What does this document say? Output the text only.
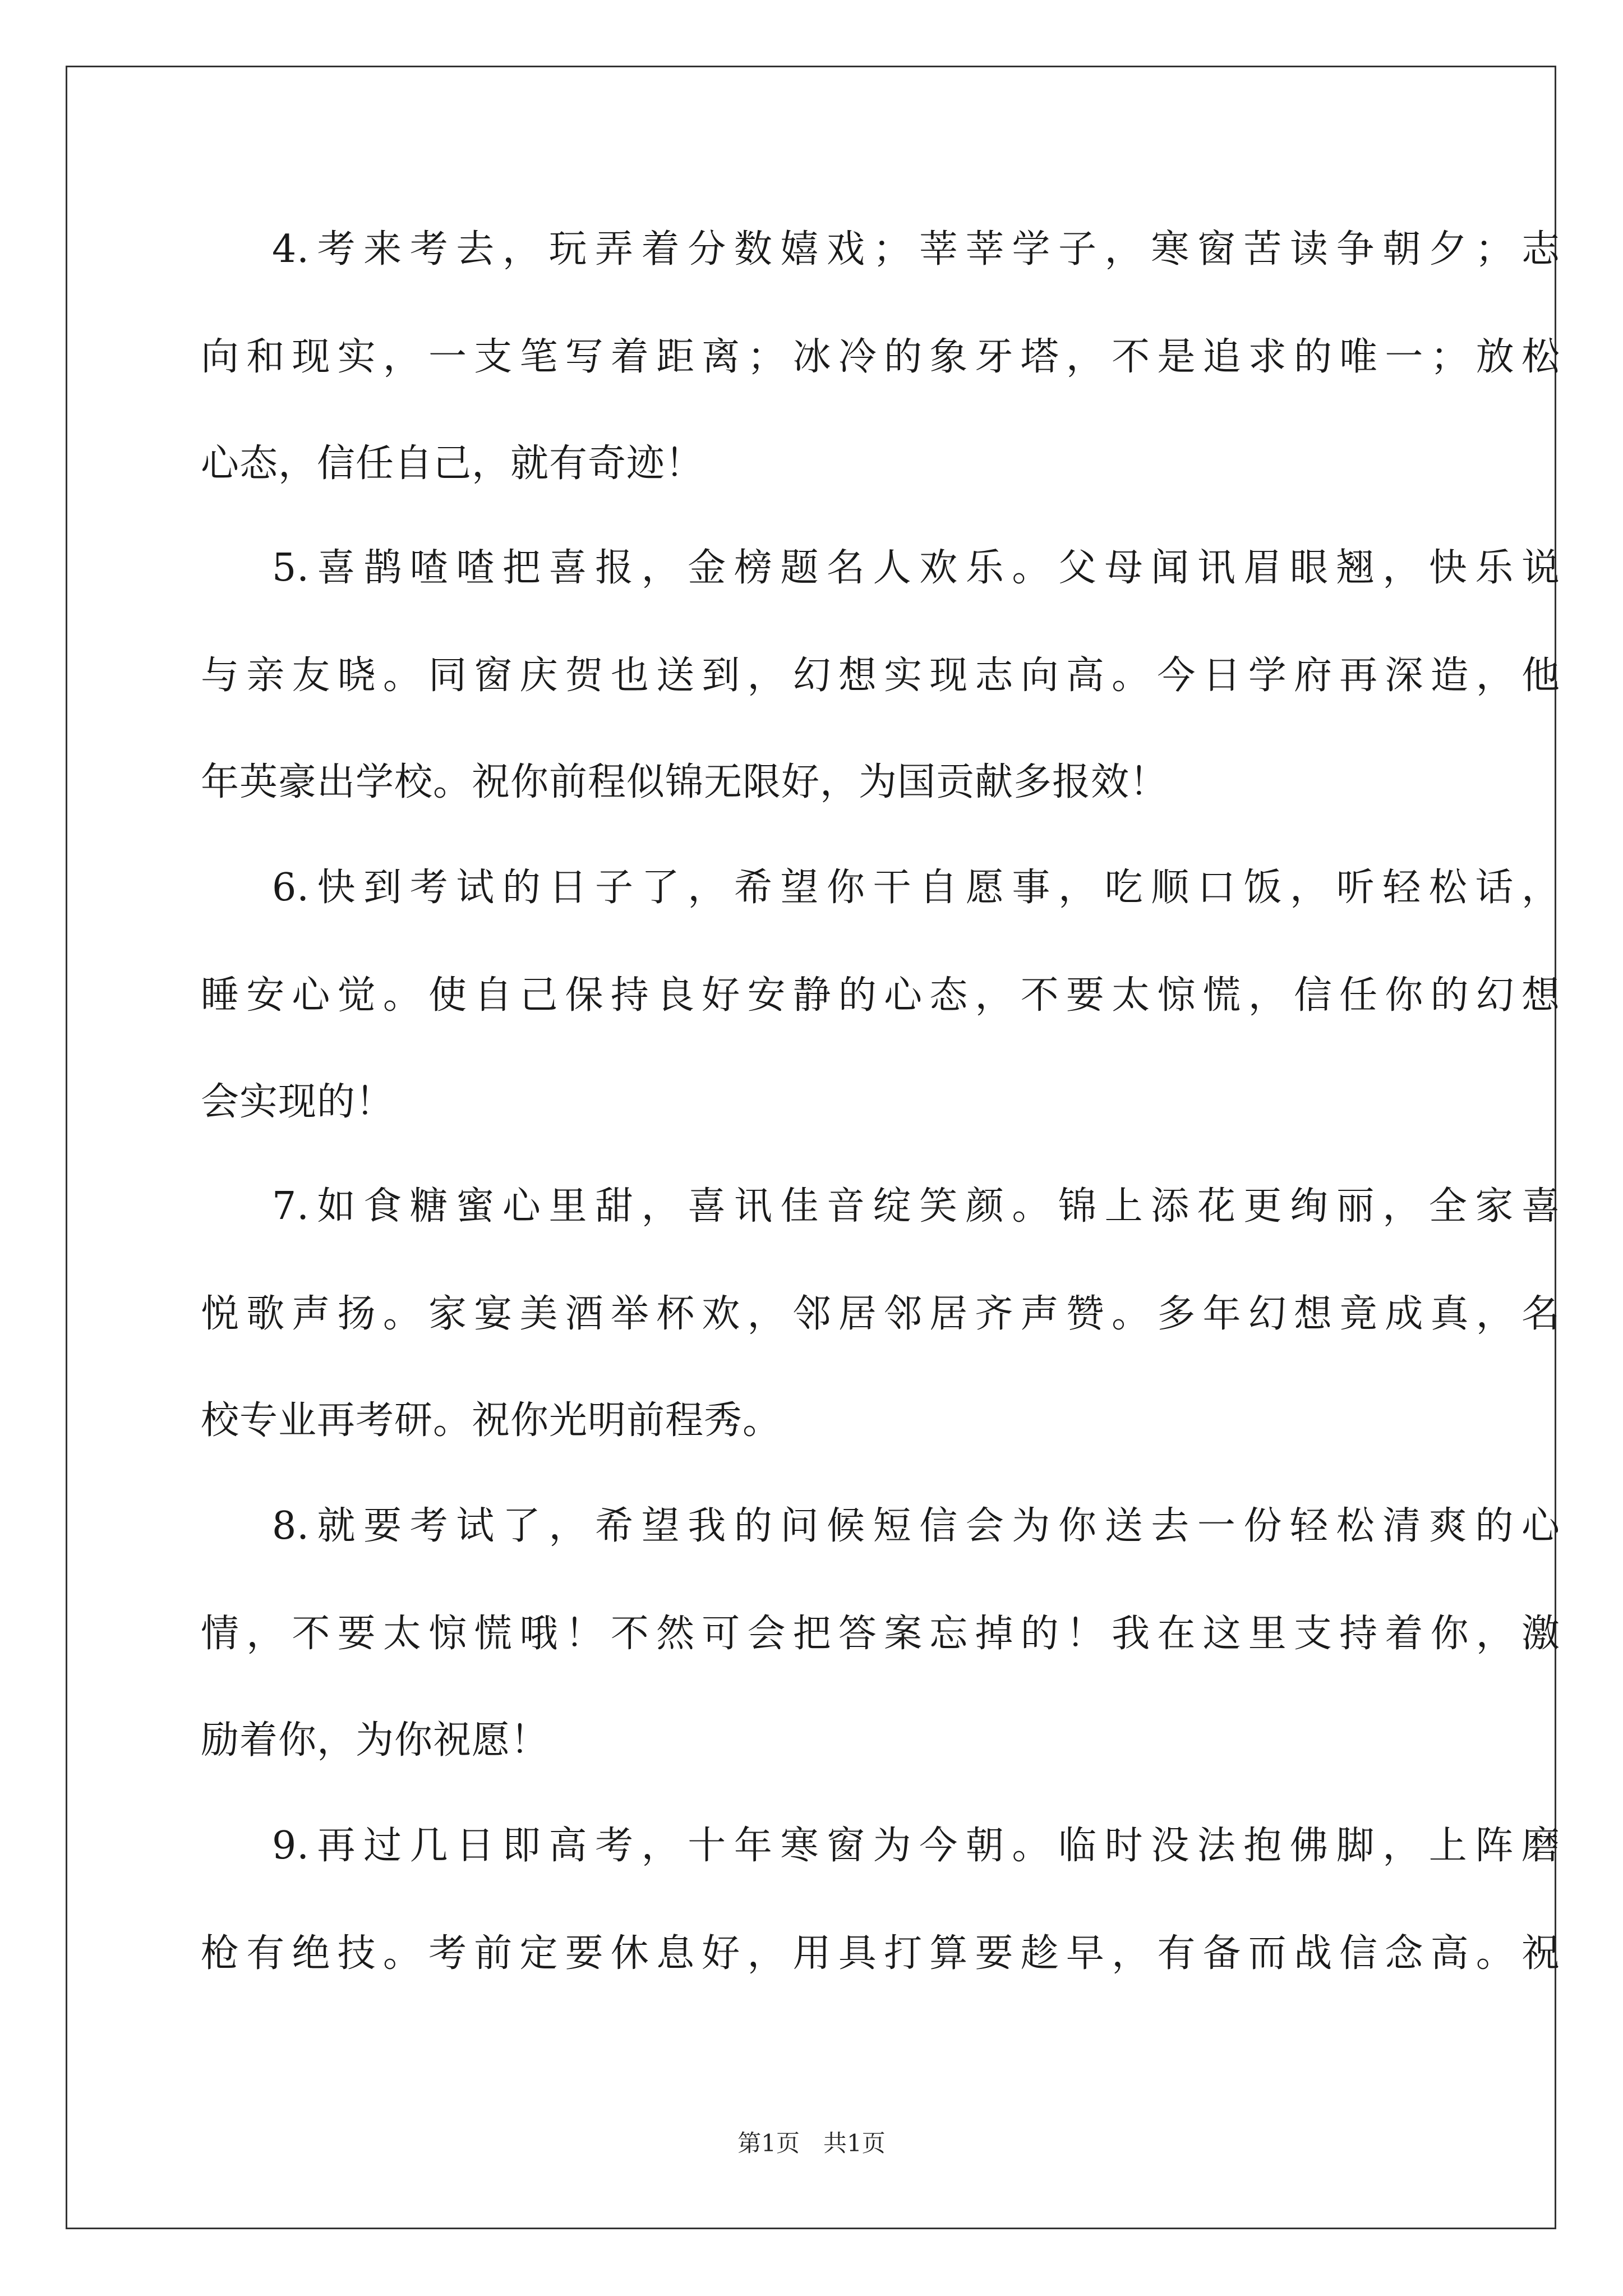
4.考来考去，玩弄着分数嬉戏；莘莘学子，寒窗苦读争朝夕；志
向和现实，一支笔写着距离；冰冷的象牙塔，不是追求的唯一；放松
心态，信任自己，就有奇迹！
5.喜鹊喳喳把喜报，金榜题名人欢乐。父母闻讯眉眼翘，快乐说
与亲友晓。同窗庆贺也送到，幻想实现志向高。今日学府再深造，他
年英豪出学校。祝你前程似锦无限好，为国贡献多报效！
6.快到考试的日子了，希望你干自愿事，吃顺口饭，听轻松话，
睡安心觉。使自己保持良好安静的心态，不要太惊慌，信任你的幻想
会实现的！
7.如食糖蜜心里甜，喜讯佳音绽笑颜。锦上添花更绚丽，全家喜
悦歌声扬。家宴美酒举杯欢，邻居邻居齐声赞。多年幻想竟成真，名
校专业再考研。祝你光明前程秀。
8.就要考试了，希望我的问候短信会为你送去一份轻松清爽的心
情，不要太惊慌哦！不然可会把答案忘掉的！我在这里支持着你，激
励着你，为你祝愿！
9.再过几日即高考，十年寒窗为今朝。临时没法抱佛脚，上阵磨
枪有绝技。考前定要休息好，用具打算要趁早，有备而战信念高。祝
第1页　共1页
